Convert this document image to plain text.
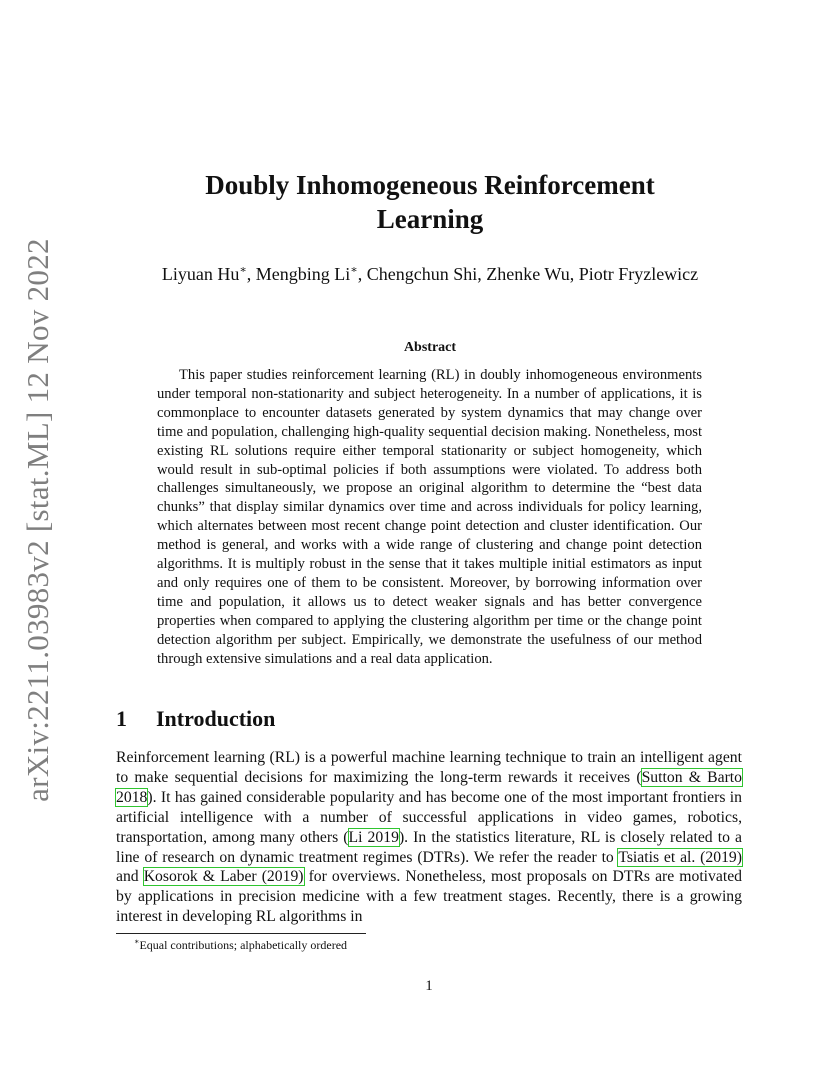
arXiv:2211.03983v2 [stat.ML] 12 Nov 2022
Doubly Inhomogeneous Reinforcement
Learning
Liyuan Hu∗, Mengbing Li∗, Chengchun Shi, Zhenke Wu, Piotr Fryzlewicz
Abstract
This paper studies reinforcement learning (RL) in doubly inhomogeneous environments under temporal non-stationarity and subject heterogeneity. In a number of applications, it is commonplace to encounter datasets generated by system dynamics that may change over time and population, challenging high-quality sequential decision making. Nonetheless, most existing RL solutions require either temporal stationarity or subject homogeneity, which would result in sub-optimal policies if both assumptions were violated. To address both challenges simultaneously, we propose an original algorithm to determine the “best data chunks” that display similar dynamics over time and across individuals for policy learning, which alternates between most recent change point detection and cluster identification. Our method is general, and works with a wide range of clustering and change point detection algorithms. It is multiply robust in the sense that it takes multiple initial estimators as input and only requires one of them to be consistent. Moreover, by borrowing information over time and population, it allows us to detect weaker signals and has better convergence properties when compared to applying the clustering algorithm per time or the change point detection algorithm per subject. Empirically, we demonstrate the usefulness of our method through extensive simulations and a real data application.
1 Introduction
Reinforcement learning (RL) is a powerful machine learning technique to train an intelligent agent to make sequential decisions for maximizing the long-term rewards it receives (Sutton & Barto 2018). It has gained considerable popularity and has become one of the most important frontiers in artificial intelligence with a number of successful applications in video games, robotics, transportation, among many others (Li 2019). In the statistics literature, RL is closely related to a line of research on dynamic treatment regimes (DTRs). We refer the reader to Tsiatis et al. (2019) and Kosorok & Laber (2019) for overviews. Nonetheless, most proposals on DTRs are motivated by applications in precision medicine with a few treatment stages. Recently, there is a growing interest in developing RL algorithms in
∗Equal contributions; alphabetically ordered
1
